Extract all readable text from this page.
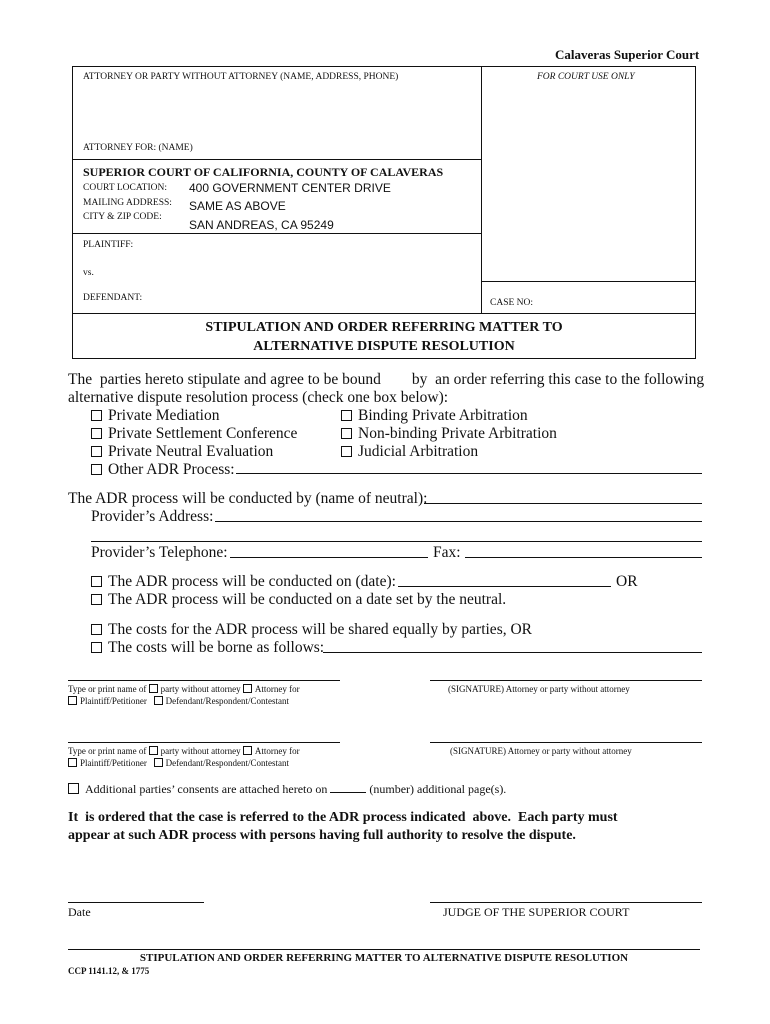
Calaveras Superior Court
ATTORNEY OR PARTY WITHOUT ATTORNEY (NAME, ADDRESS, PHONE)	FOR COURT USE ONLY
ATTORNEY FOR: (NAME)
SUPERIOR COURT OF CALIFORNIA, COUNTY OF CALAVERAS
COURT LOCATION: 400 GOVERNMENT CENTER DRIVE
MAILING ADDRESS: SAME AS ABOVE
CITY & ZIP CODE:
SAN ANDREAS, CA 95249
PLAINTIFF:
vs.
DEFENDANT:	CASE NO:
STIPULATION AND ORDER REFERRING MATTER TO
ALTERNATIVE DISPUTE RESOLUTION
The  parties hereto stipulate and agree to be bound        by  an order referring this case to the following
alternative dispute resolution process (check one box below):
Private Mediation
Private Settlement Conference
Private Neutral Evaluation
Other ADR Process:
Binding Private Arbitration
Non-binding Private Arbitration
Judicial Arbitration
The ADR process will be conducted by (name of neutral):
Provider’s Address:
Provider’s Telephone:	Fax:
The ADR process will be conducted on (date):	OR
The ADR process will be conducted on a date set by the neutral.
The costs for the ADR process will be shared equally by parties, OR
The costs will be borne as follows:
Type or print name of party without attorney Attorney for
Plaintiff/Petitioner Defendant/Respondent/Contestant
(SIGNATURE) Attorney or party without attorney
Type or print name of party without attorney Attorney for
Plaintiff/Petitioner Defendant/Respondent/Contestant
(SIGNATURE) Attorney or party without attorney
Additional parties’ consents are attached hereto on	(number) additional page(s).
It  is ordered that the case is referred to the ADR process indicated  above.  Each party must
appear at such ADR process with persons having full authority to resolve the dispute.
Date	JUDGE OF THE SUPERIOR COURT
STIPULATION AND ORDER REFERRING MATTER TO ALTERNATIVE DISPUTE RESOLUTION
CCP 1141.12, & 1775
